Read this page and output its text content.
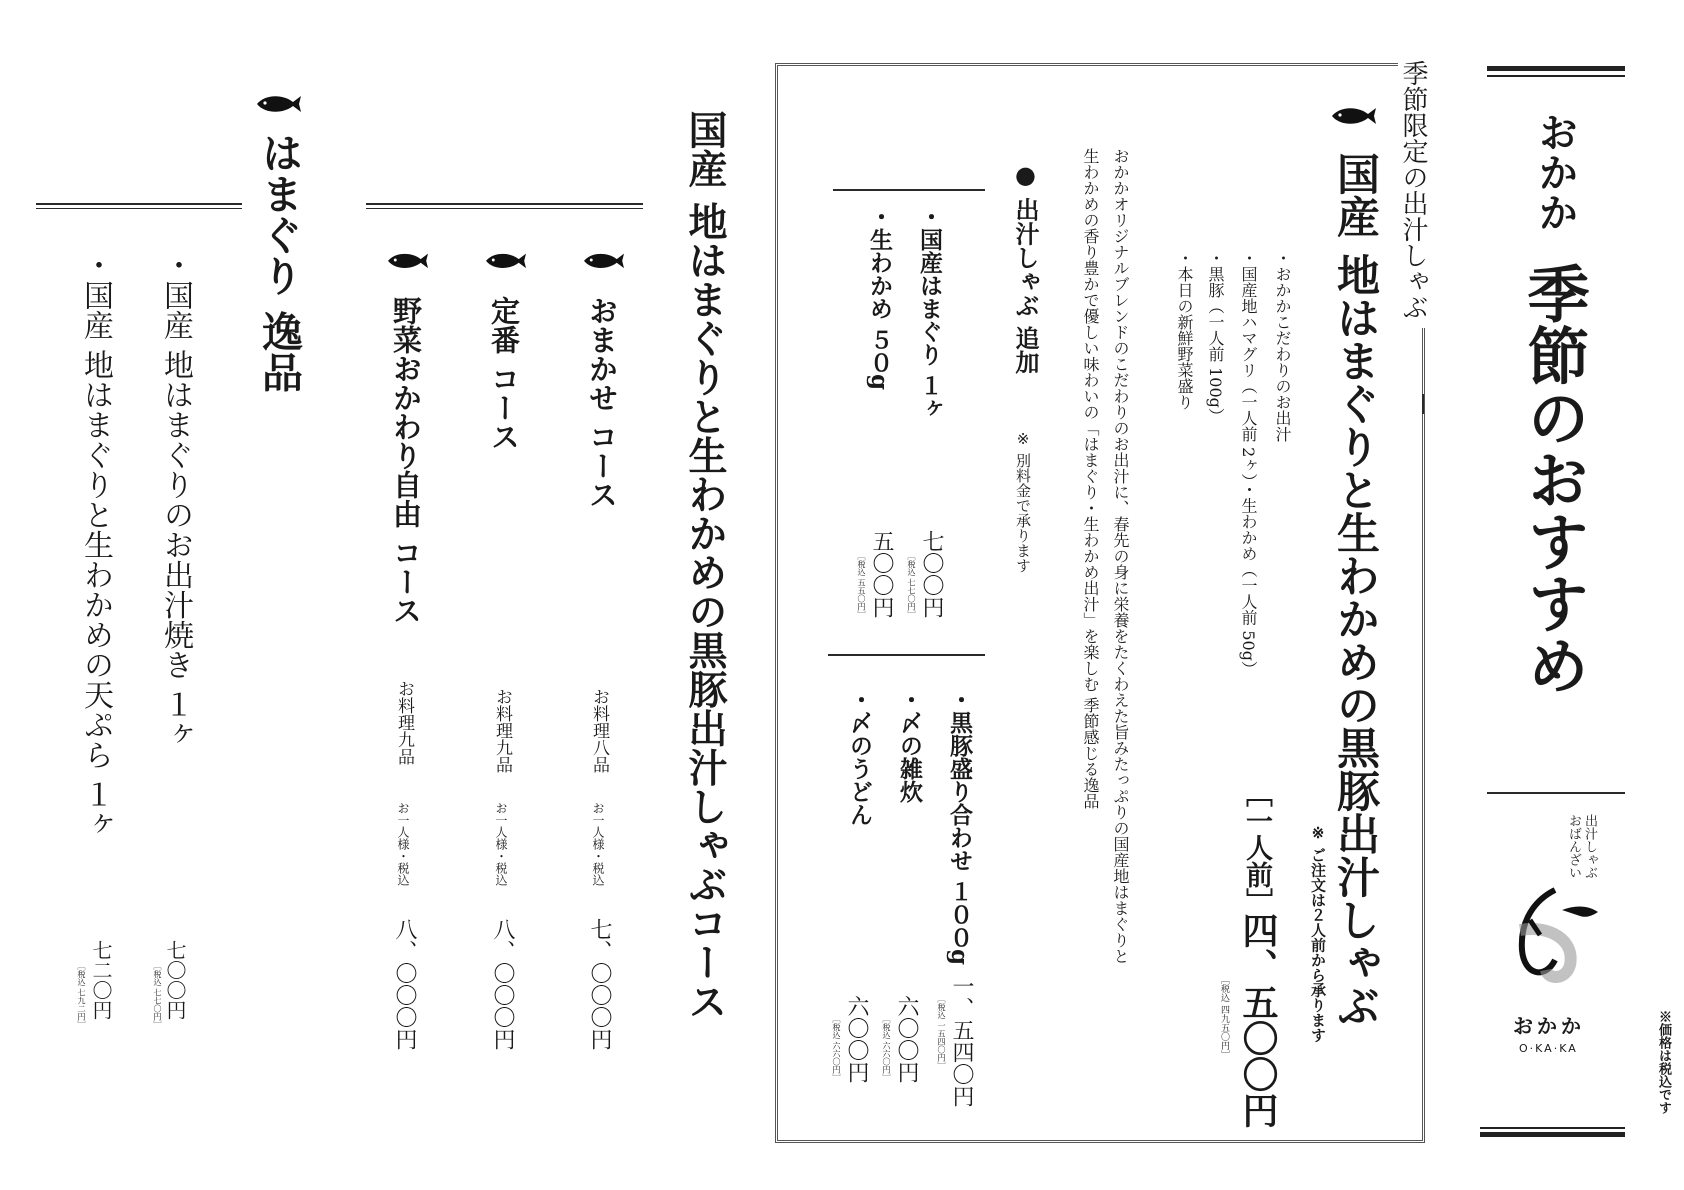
おかか
季節のおすすめ
出汁しゃぶ
おばんざい
おかか
O·KA·KA	※価格は税込です
季節限定の出汁しゃぶ
国産 地はまぐりと生わかめの黒豚出汁しゃぶ
・おかかこだわりのお出汁
・国産地ハマグリ（一人前 2ヶ）・生わかめ（一人前 50g）
・黒豚（一人前 100g）
・本日の新鮮野菜盛り
おかかオリジナルブレンドのこだわりのお出汁に、春先の身に栄養をたくわえた旨みたっぷりの国産地はまぐりと
生わかめの香り豊かで優しい味わいの「はまぐり・生わかめ出汁」を楽しむ 季節感じる逸品
［一人前］
四、五〇〇円
［税込 四九五〇円］	※ ご注文は２人前から承ります
● 出汁しゃぶ 追加
※ 別料金で承ります
・国産はまぐり １ヶ
七〇〇円
［税込 七七〇円］
・生わかめ ５０g
五〇〇円
［税込 五五〇円］
・黒豚盛り合わせ １００g
一、五四〇円
［税込 一五四〇円］
・〆の雑炊
六〇〇円
［税込 六六〇円］
・〆のうどん
六〇〇円
［税込 六六〇円］
国産 地はまぐりと生わかめの黒豚出汁しゃぶコース
おまかせ コース
お料理八品
お一人様・税込
七、〇〇〇円
定番 コース
お料理九品
お一人様・税込
八、〇〇〇円
野菜おかわり自由 コース
お料理九品
お一人様・税込
八、〇〇〇円
はまぐり 逸品
・国産 地はまぐりのお出汁焼き １ヶ
七〇〇円
［税込 七七〇円］
・国産 地はまぐりと生わかめの天ぷら １ヶ
七二〇円
［税込 七九二円］
